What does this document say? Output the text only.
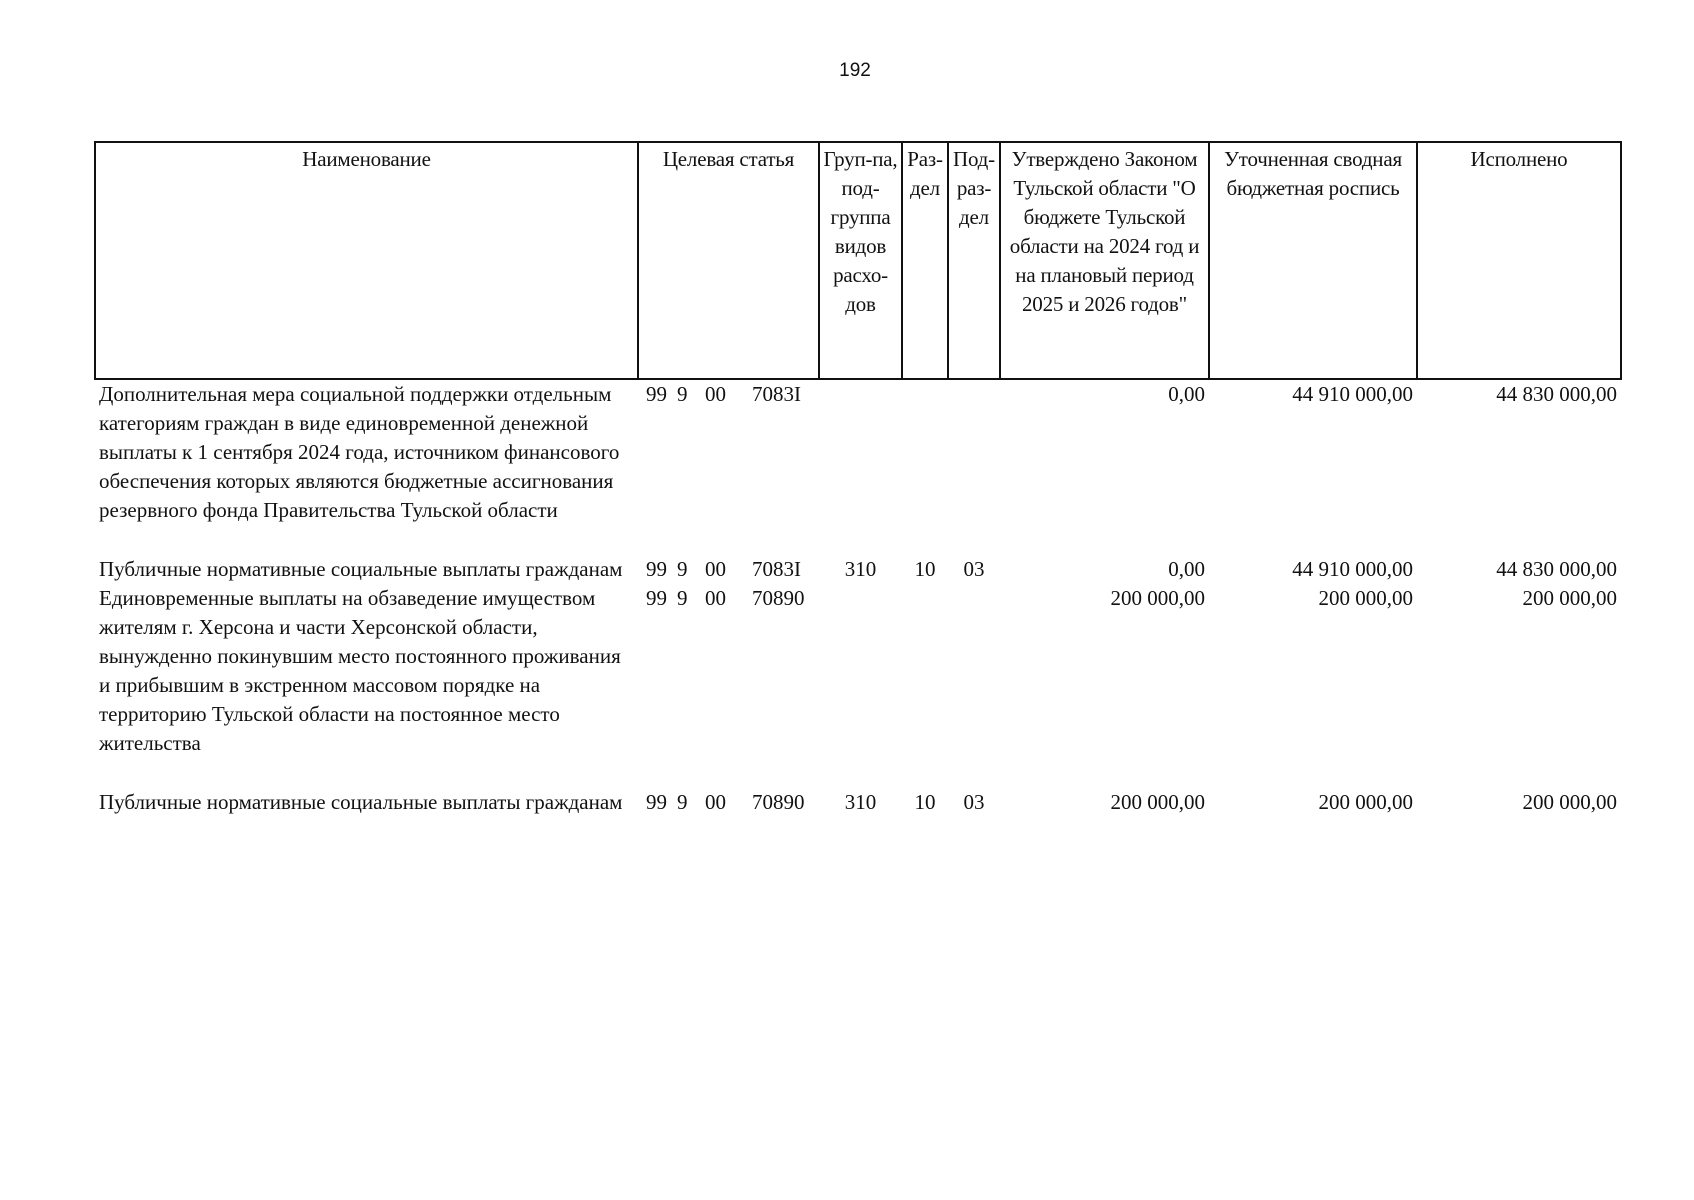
192
Наименование	Целевая статья	Груп-па, под-группа видов расхо-дов	Раз-дел	Под-раз-дел	Утверждено Законом Тульской области "О бюджете Тульской области на 2024 год и на плановый период 2025 и 2026 годов"	Уточненная сводная бюджетная роспись	Исполнено
Дополнительная мера социальной поддержки отдельным категориям граждан в виде единовременной денежной выплаты к 1 сентября 2024 года, источником финансового обеспечения которых являются бюджетные ассигнования резервного фонда Правительства Тульской области	99 9 00 7083I				0,00	44 910 000,00	44 830 000,00
Публичные нормативные социальные выплаты гражданам	99 9 00 7083I	310	10	03	0,00	44 910 000,00	44 830 000,00
Единовременные выплаты на обзаведение имуществом жителям г. Херсона и части Херсонской области, вынужденно покинувшим место постоянного проживания и прибывшим в экстренном массовом порядке на территорию Тульской области на постоянное место жительства	99 9 00 70890				200 000,00	200 000,00	200 000,00
Публичные нормативные социальные выплаты гражданам	99 9 00 70890	310	10	03	200 000,00	200 000,00	200 000,00
